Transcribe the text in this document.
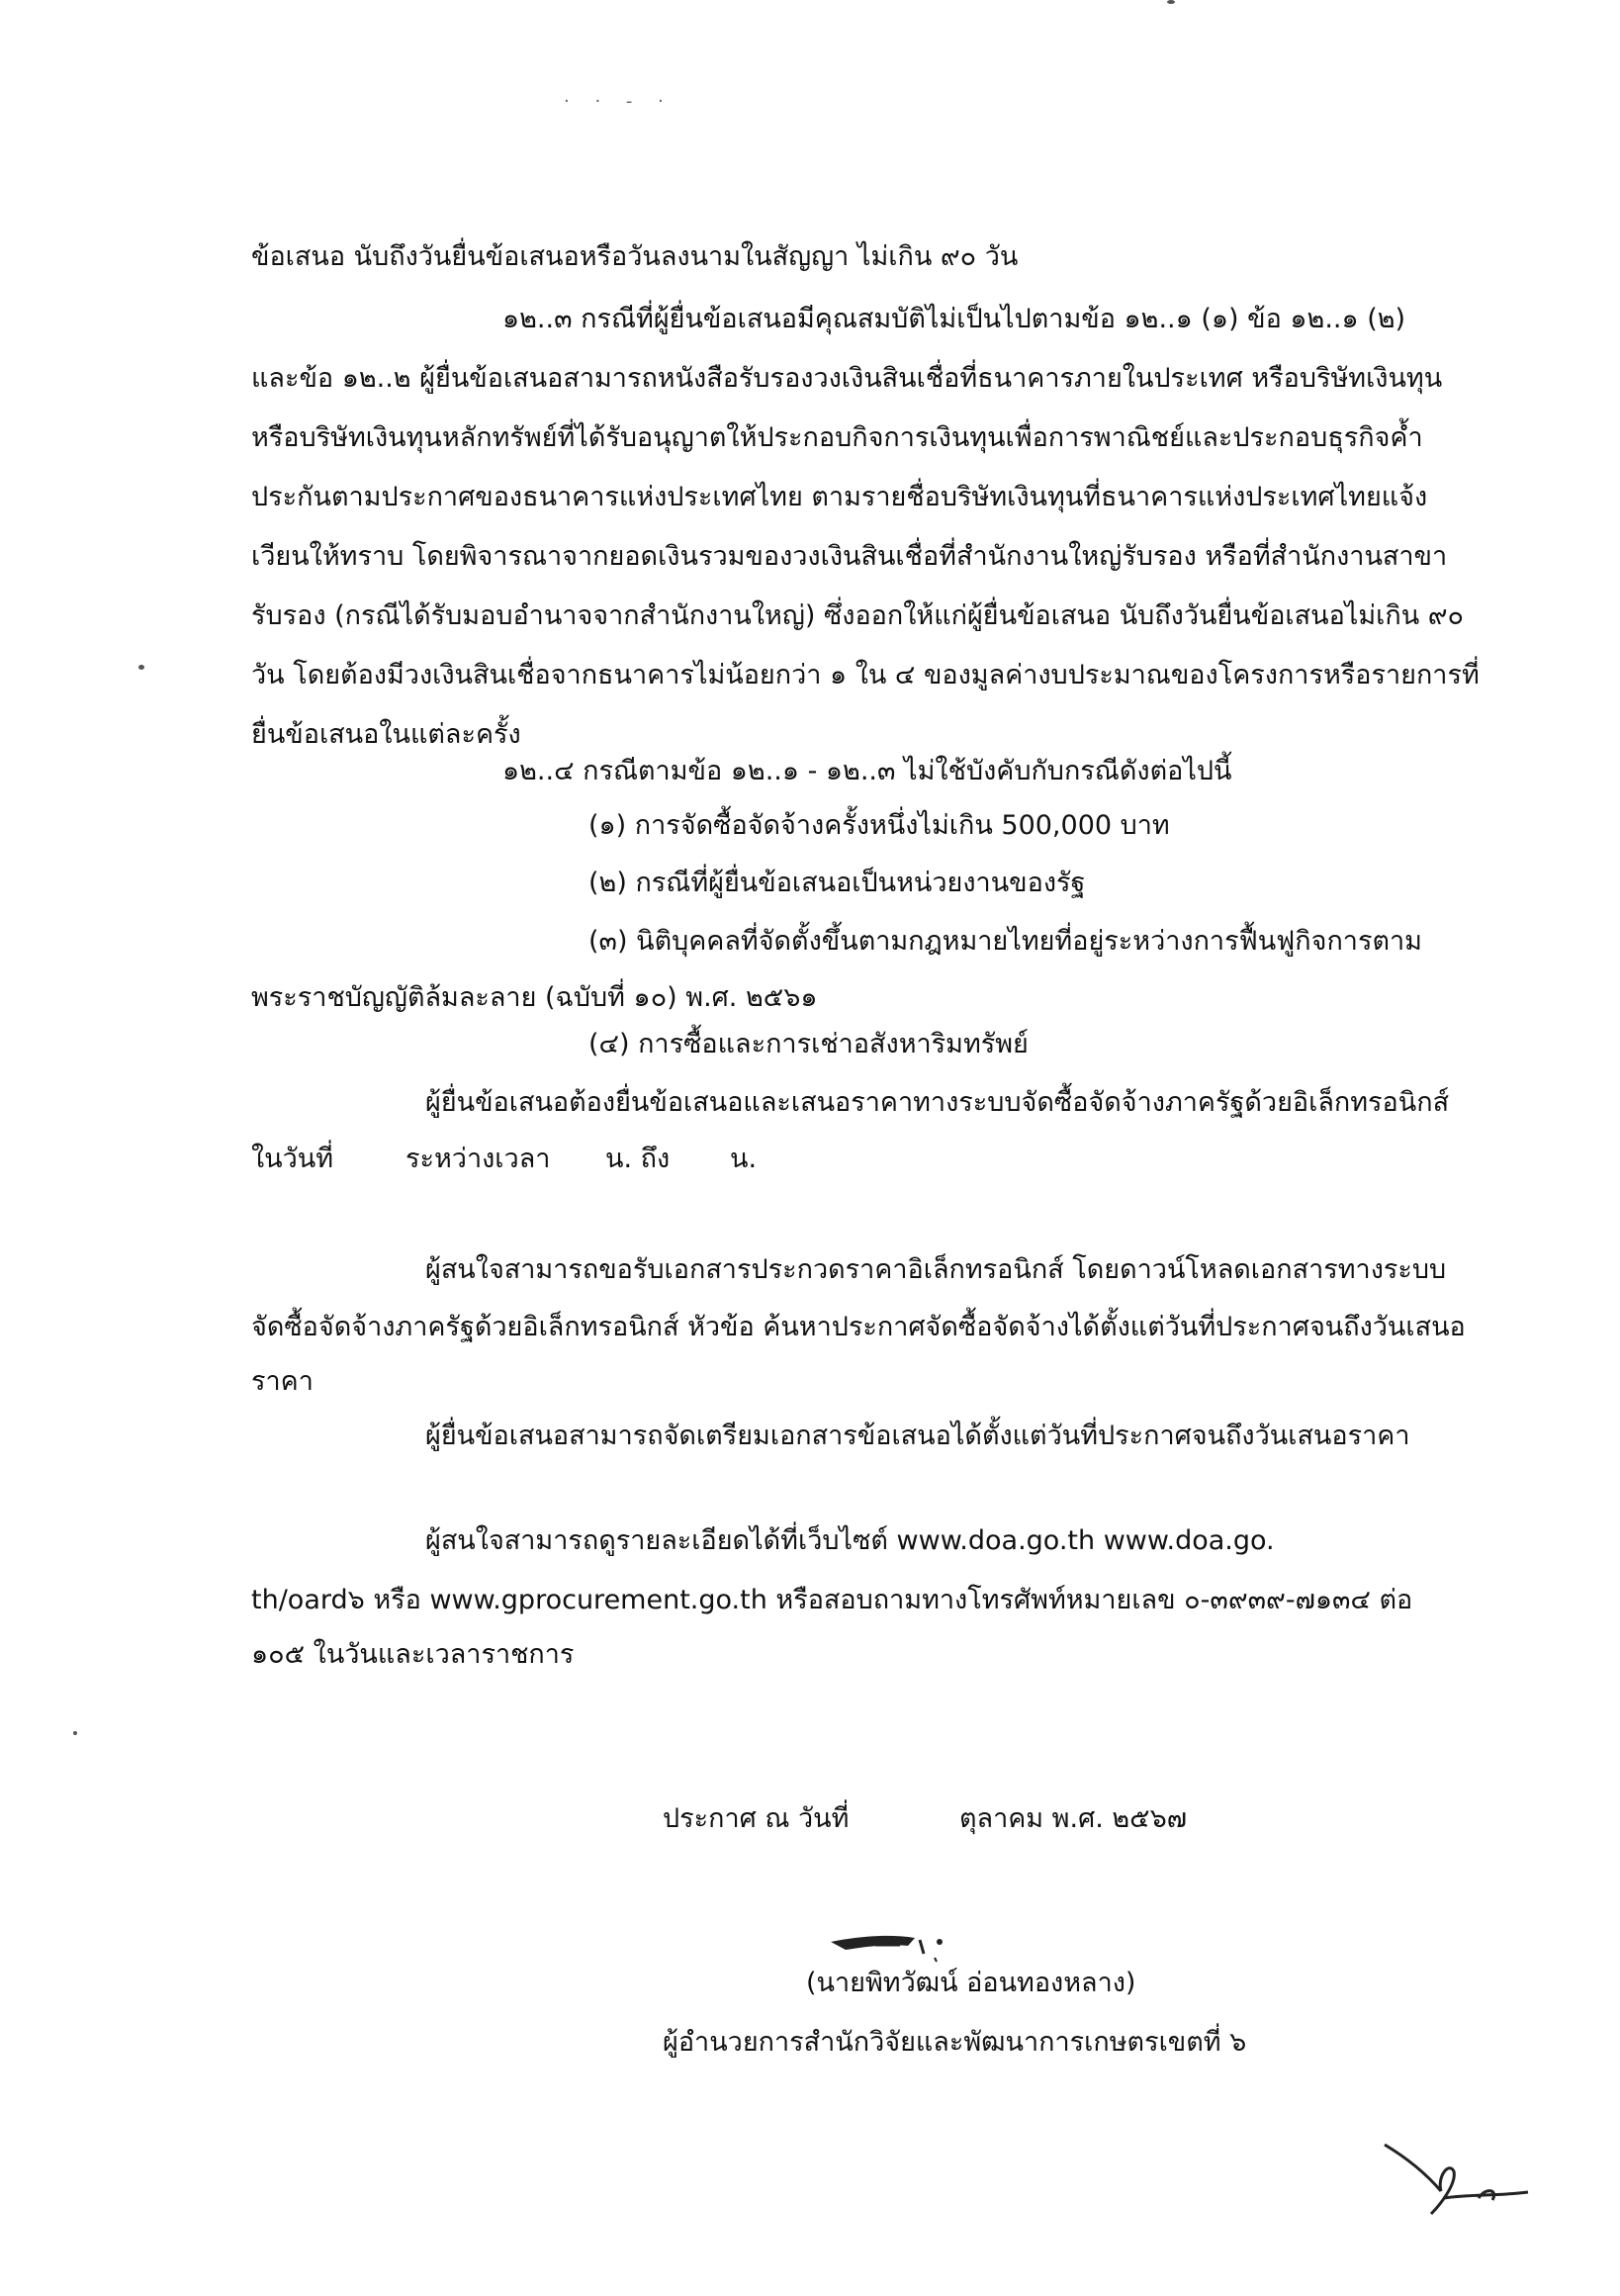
· · - ·
ข้อเสนอ นับถึงวันยื่นข้อเสนอหรือวันลงนามในสัญญา ไม่เกิน ๙๐ วัน
๑๒..๓ กรณีที่ผู้ยื่นข้อเสนอมีคุณสมบัติไม่เป็นไปตามข้อ ๑๒..๑ (๑) ข้อ ๑๒..๑ (๒)
และข้อ ๑๒..๒ ผู้ยื่นข้อเสนอสามารถหนังสือรับรองวงเงินสินเชื่อที่ธนาคารภายในประเทศ หรือบริษัทเงินทุน
หรือบริษัทเงินทุนหลักทรัพย์ที่ได้รับอนุญาตให้ประกอบกิจการเงินทุนเพื่อการพาณิชย์และประกอบธุรกิจค้ำ
ประกันตามประกาศของธนาคารแห่งประเทศไทย ตามรายชื่อบริษัทเงินทุนที่ธนาคารแห่งประเทศไทยแจ้ง
เวียนให้ทราบ โดยพิจารณาจากยอดเงินรวมของวงเงินสินเชื่อที่สำนักงานใหญ่รับรอง หรือที่สำนักงานสาขา
รับรอง (กรณีได้รับมอบอำนาจจากสำนักงานใหญ่) ซึ่งออกให้แก่ผู้ยื่นข้อเสนอ นับถึงวันยื่นข้อเสนอไม่เกิน ๙๐
วัน โดยต้องมีวงเงินสินเชื่อจากธนาคารไม่น้อยกว่า ๑ ใน ๔ ของมูลค่างบประมาณของโครงการหรือรายการที่
ยื่นข้อเสนอในแต่ละครั้ง
๑๒..๔ กรณีตามข้อ ๑๒..๑ - ๑๒..๓ ไม่ใช้บังคับกับกรณีดังต่อไปนี้
(๑) การจัดซื้อจัดจ้างครั้งหนึ่งไม่เกิน 500,000 บาท
(๒) กรณีที่ผู้ยื่นข้อเสนอเป็นหน่วยงานของรัฐ
(๓) นิติบุคคลที่จัดตั้งขึ้นตามกฎหมายไทยที่อยู่ระหว่างการฟื้นฟูกิจการตาม
พระราชบัญญัติล้มละลาย (ฉบับที่ ๑๐) พ.ศ. ๒๕๖๑
(๔) การซื้อและการเช่าอสังหาริมทรัพย์
ผู้ยื่นข้อเสนอต้องยื่นข้อเสนอและเสนอราคาทางระบบจัดซื้อจัดจ้างภาครัฐด้วยอิเล็กทรอนิกส์
ในวันที่	ระหว่างเวลา น. ถึง น.
ผู้สนใจสามารถขอรับเอกสารประกวดราคาอิเล็กทรอนิกส์ โดยดาวน์โหลดเอกสารทางระบบ
จัดซื้อจัดจ้างภาครัฐด้วยอิเล็กทรอนิกส์ หัวข้อ ค้นหาประกาศจัดซื้อจัดจ้างได้ตั้งแต่วันที่ประกาศจนถึงวันเสนอ
ราคา
ผู้ยื่นข้อเสนอสามารถจัดเตรียมเอกสารข้อเสนอได้ตั้งแต่วันที่ประกาศจนถึงวันเสนอราคา
ผู้สนใจสามารถดูรายละเอียดได้ที่เว็บไซต์ www.doa.go.th www.doa.go.
th/oard๖ หรือ www.gprocurement.go.th หรือสอบถามทางโทรศัพท์หมายเลข ๐-๓๙๓๙-๗๑๓๔ ต่อ
๑๐๕ ในวันและเวลาราชการ
ประกาศ ณ วันที่	ตุลาคม พ.ศ. ๒๕๖๗
(นายพิทวัฒน์ อ่อนทองหลาง)
ผู้อำนวยการสำนักวิจัยและพัฒนาการเกษตรเขตที่ ๖
